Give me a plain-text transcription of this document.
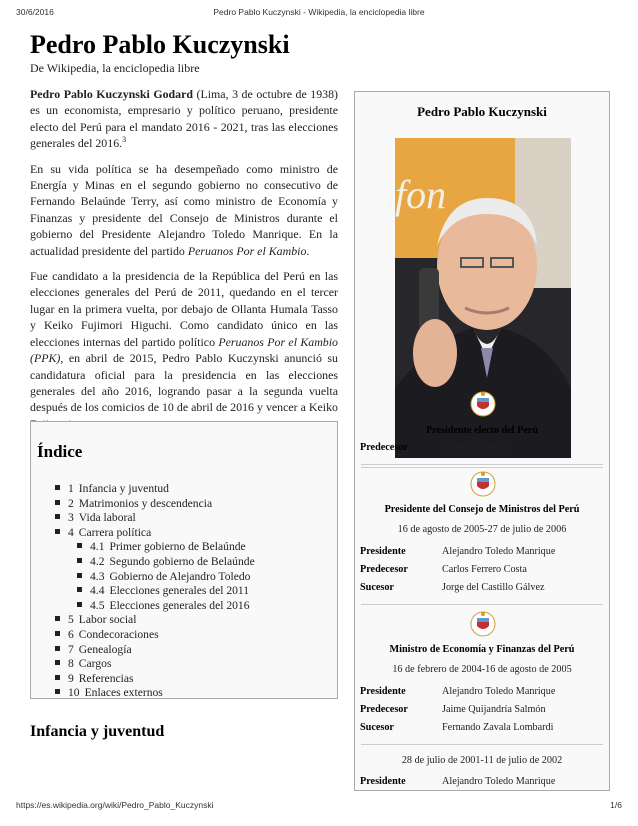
30/6/2016	Pedro Pablo Kuczynski - Wikipedia, la enciclopedia libre
Pedro Pablo Kuczynski
De Wikipedia, la enciclopedia libre

Pedro Pablo Kuczynski Godard (Lima, 3 de octubre de 1938) es un economista, empresario y político peruano, presidente electo del Perú para el mandato 2016 - 2021, tras las elecciones generales del 2016.$^3$

En su vida política se ha desempeñado como ministro de Energía y Minas en el segundo gobierno no consecutivo de Fernando Belaúnde Terry, así como ministro de Economía y Finanzas y presidente del Consejo de Ministros durante el gobierno del Presidente Alejandro Toledo Manrique. En la actualidad presidente del partido Peruanos Por el Kambio.

Fue candidato a la presidencia de la República del Perú en las elecciones generales del Perú de 2011, quedando en el tercer lugar en la primera vuelta, por debajo de Ollanta Humala Tasso y Keiko Fujimori Higuchi. Como candidato único en las elecciones internas del partido político Peruanos Por el Kambio (PPK), en abril de 2015, Pedro Pablo Kuczynski anunció su candidatura oficial para la presidencia en las elecciones generales del año 2016, logrando pasar a la segunda vuelta después de los comicios de 10 de abril de 2016 y vencer a Keiko

Índice
1 Infancia y juventud
2 Matrimonios y descendencia
3 Vida laboral
4 Carrera política
4.1 Primer gobierno de Belaúnde
4.2 Segundo gobierno de Belaúnde
4.3 Gobierno de Alejandro Toledo
4.4 Elecciones generales del 2011
4.5 Elecciones generales del 2016
5 Labor social
6 Condecoraciones
7 Genealogía
8 Cargos
9 Referencias
10 Enlaces externos
Infancia y juventud
Pedro Pablo Kuczynski
fon
Presidente electo del Perú
Predecesor	Ollanta Humala
Presidente del Consejo de Ministros del Perú
16 de agosto de 2005-27 de julio de 2006
Presidente	Alejandro Toledo Manrique
Predecesor	Carlos Ferrero Costa
Sucesor	Jorge del Castillo Gálvez
Ministro de Economía y Finanzas del Perú
16 de febrero de 2004-16 de agosto de 2005
Presidente	Alejandro Toledo Manrique
Predecesor	Jaime Quijandría Salmón
Sucesor	Fernando Zavala Lombardi
28 de julio de 2001-11 de julio de 2002
Presidente	Alejandro Toledo Manrique
https://es.wikipedia.org/wiki/Pedro_Pablo_Kuczynski	1/6
